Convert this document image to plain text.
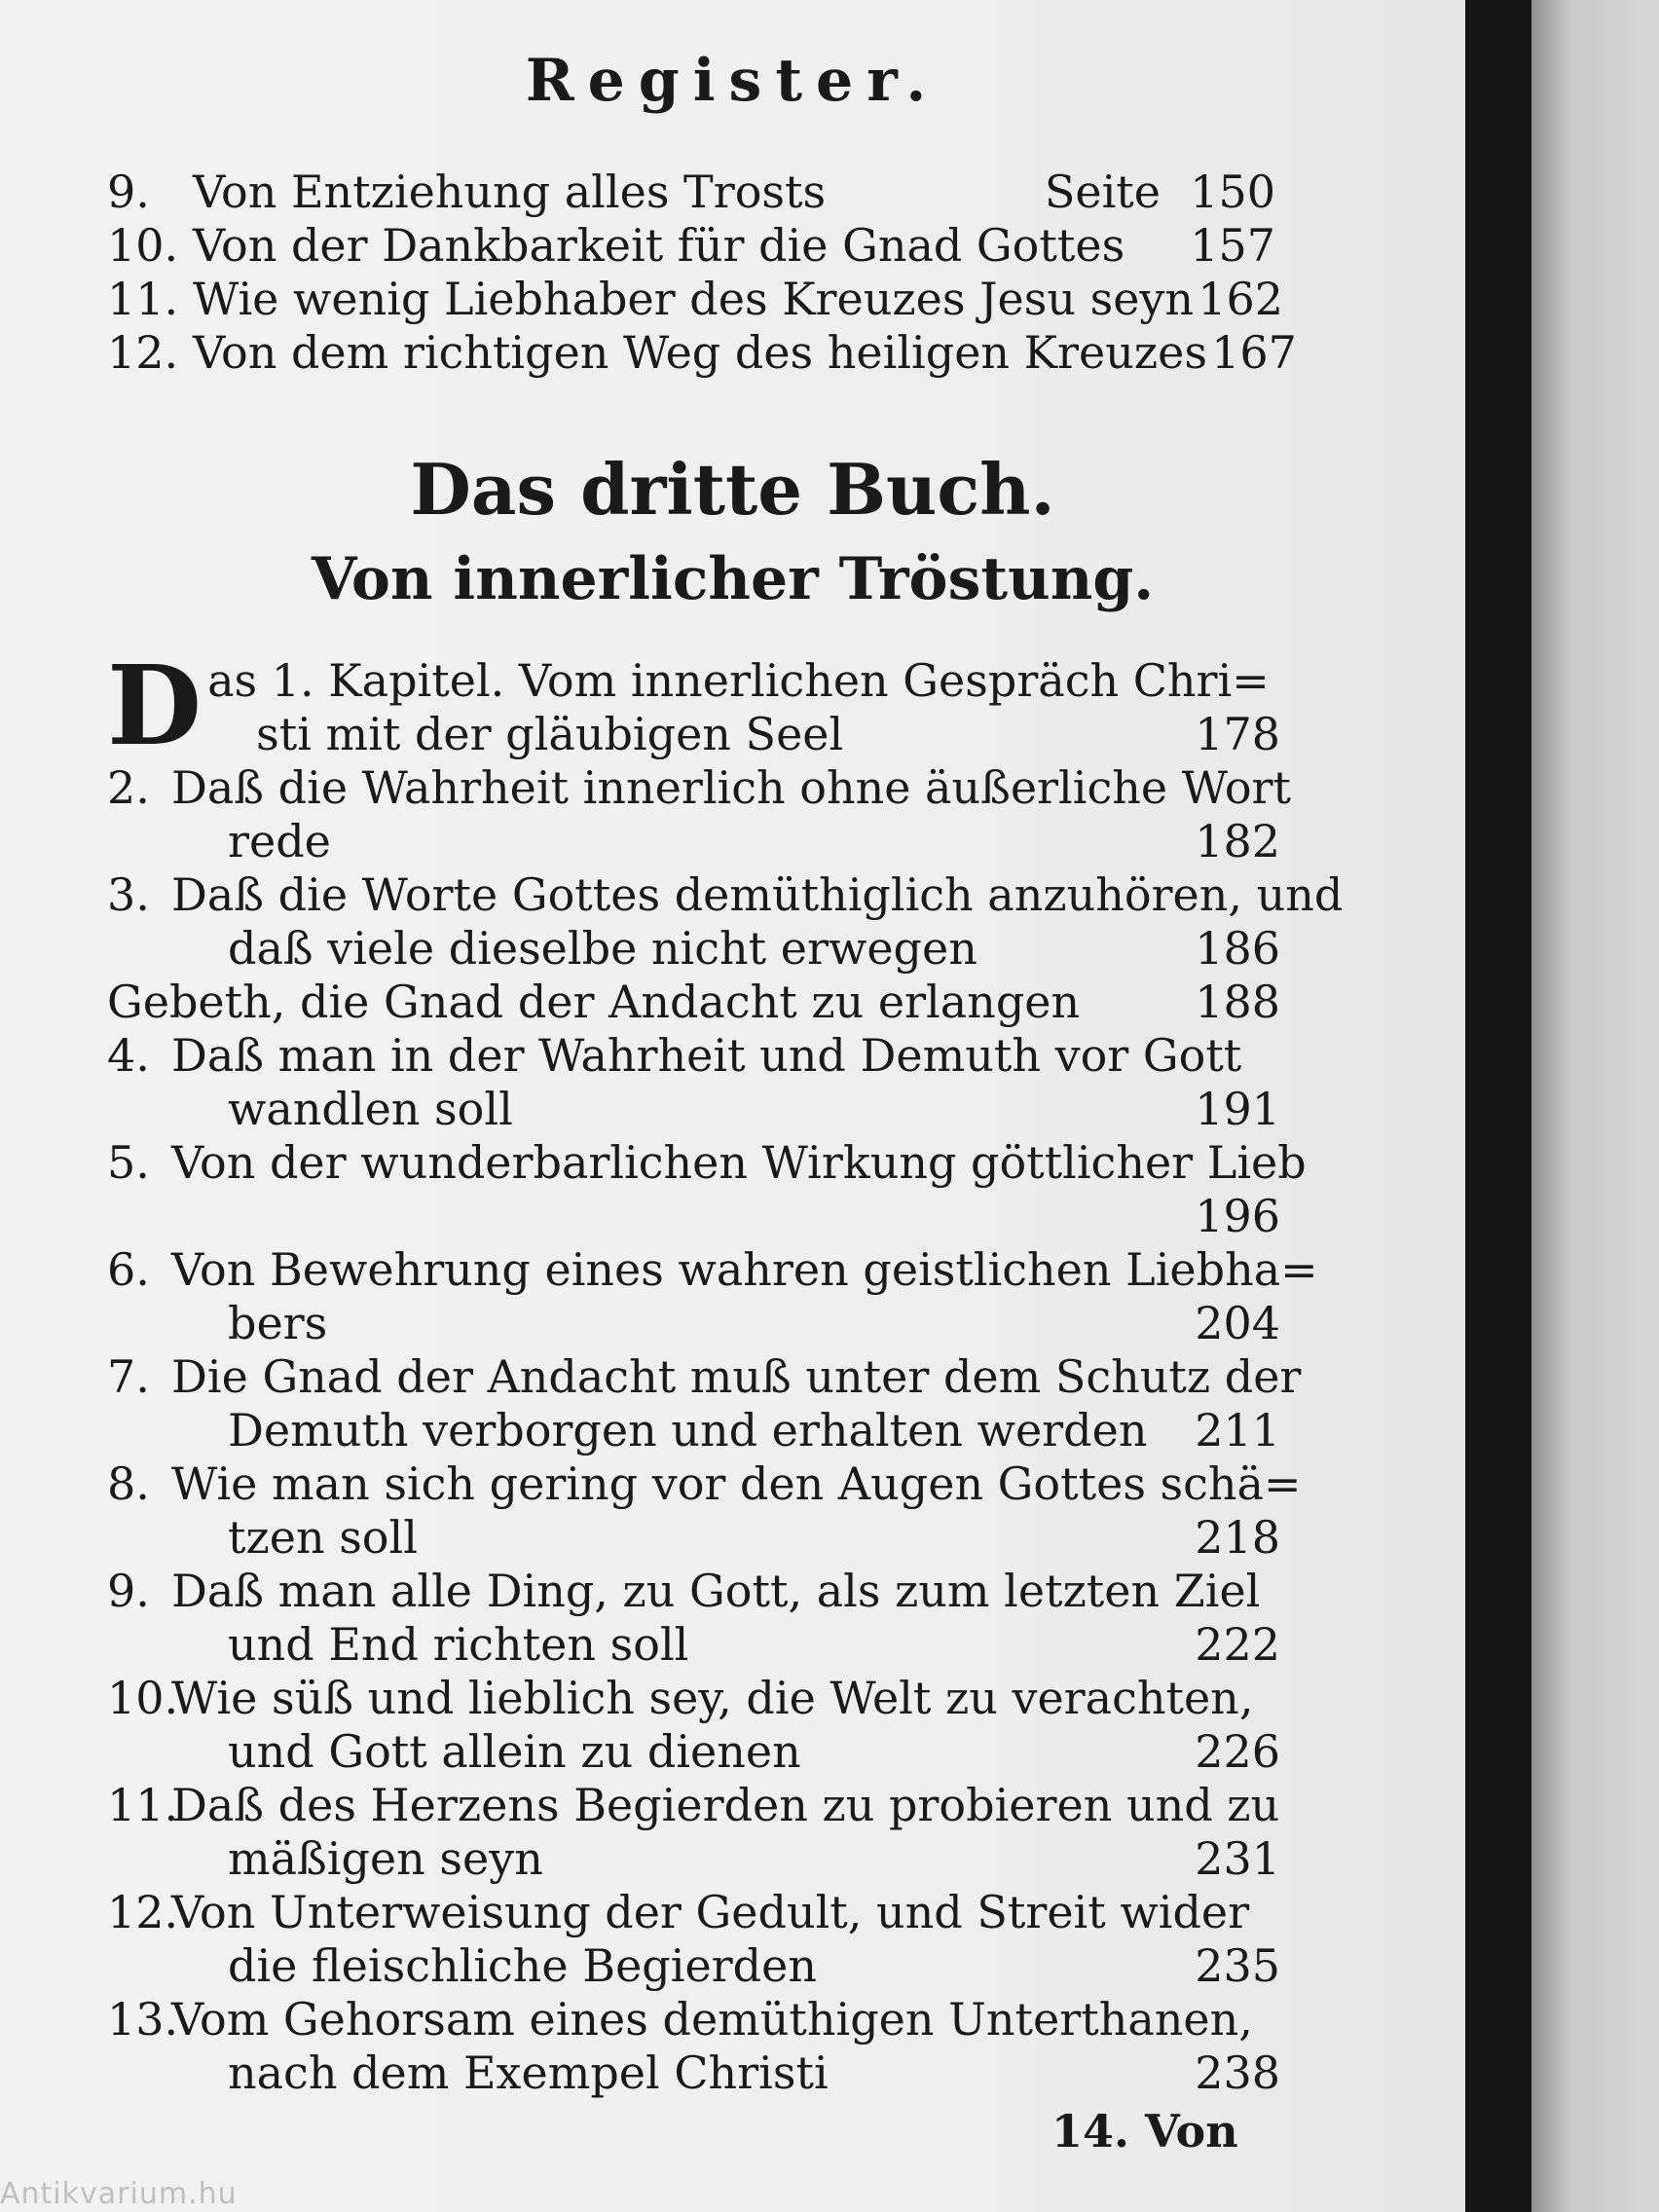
Register.
9. Von Entziehung alles Trosts	Seite 150
10. Von der Dankbarkeit für die Gnad Gottes	157
11. Wie wenig Liebhaber des Kreuzes Jesu seyn 162
12. Von dem richtigen Weg des heiligen Kreuzes 167
Das dritte Buch.
Von innerlicher Tröstung.
D as 1. Kapitel. Vom innerlichen Gespräch Chri=
sti mit der gläubigen Seel	178
2. Daß die Wahrheit innerlich ohne äußerliche Wort
rede	182
3. Daß die Worte Gottes demüthiglich anzuhören, und
daß viele dieselbe nicht erwegen	186
Gebeth, die Gnad der Andacht zu erlangen	188
4. Daß man in der Wahrheit und Demuth vor Gott
wandlen soll	191
5. Von der wunderbarlichen Wirkung göttlicher Lieb
196
6. Von Bewehrung eines wahren geistlichen Liebha=
bers	204
7. Die Gnad der Andacht muß unter dem Schutz der
Demuth verborgen und erhalten werden	211
8. Wie man sich gering vor den Augen Gottes schä=
tzen soll	218
9. Daß man alle Ding, zu Gott, als zum letzten Ziel
und End richten soll	222
10.
Wie süß und lieblich sey, die Welt zu verachten,
und Gott allein zu dienen	226
11.
Daß des Herzens Begierden zu probieren und zu
mäßigen seyn	231
12.
Von Unterweisung der Gedult, und Streit wider
die fleischliche Begierden	235
13.
Vom Gehorsam eines demüthigen Unterthanen,
nach dem Exempel Christi	238
14. Von
Antikvarium.hu
